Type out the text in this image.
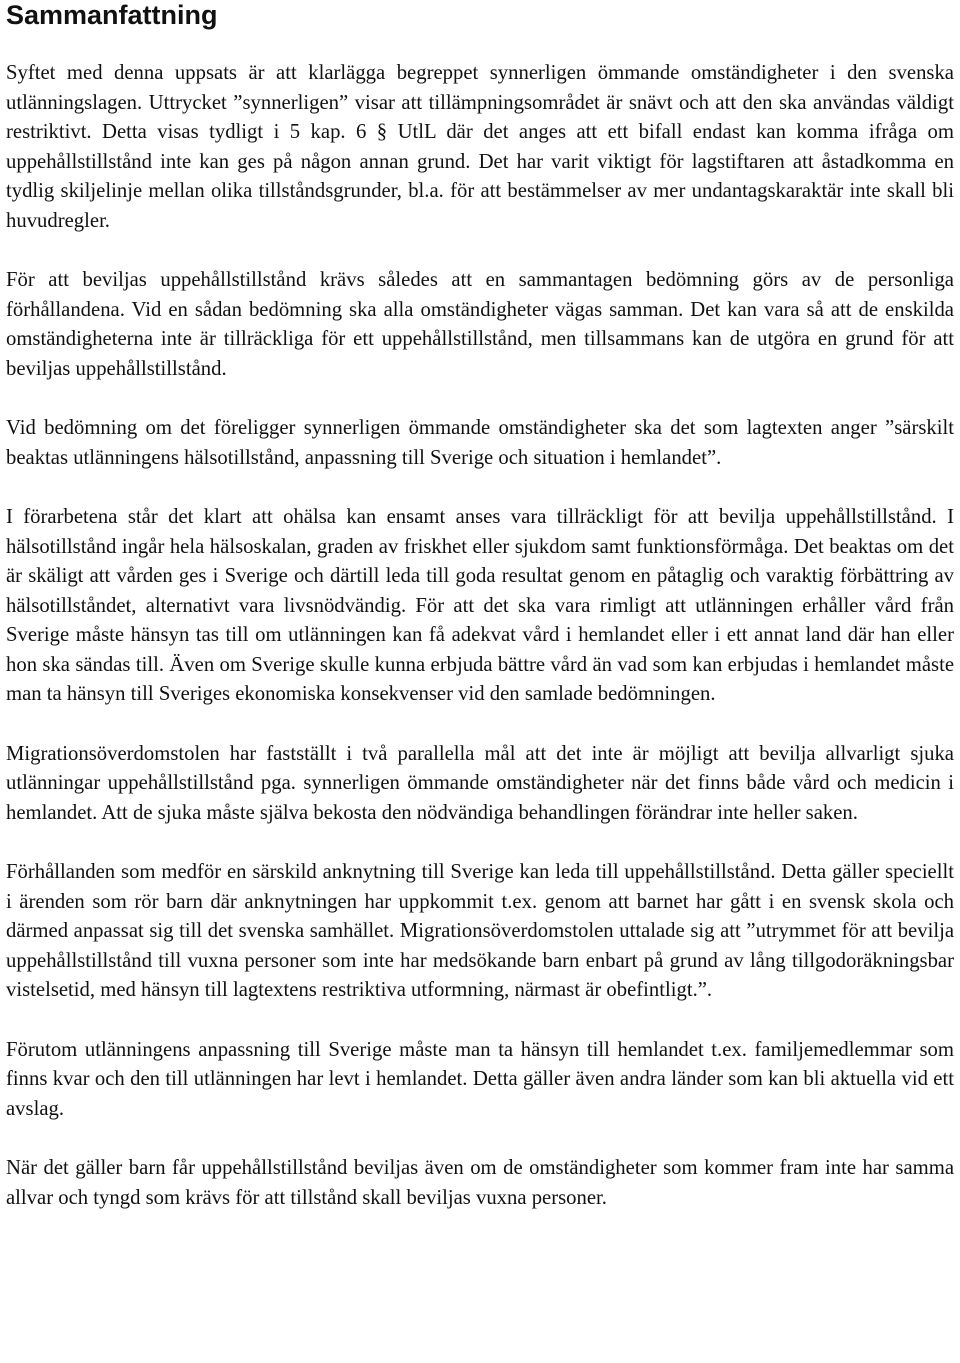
Sammanfattning

Syftet med denna uppsats är att klarlägga begreppet synnerligen ömmande omständigheter i den svenska utlänningslagen. Uttrycket ”synnerligen” visar att tillämpningsområdet är snävt och att den ska användas väldigt restriktivt. Detta visas tydligt i 5 kap. 6 § UtlL där det anges att ett bifall endast kan komma ifråga om uppehållstillstånd inte kan ges på någon annan grund. Det har varit viktigt för lagstiftaren att åstadkomma en tydlig skiljelinje mellan olika tillståndsgrunder, bl.a. för att bestämmelser av mer undantagskaraktär inte skall bli huvudregler.

För att beviljas uppehållstillstånd krävs således att en sammantagen bedömning görs av de personliga förhållandena. Vid en sådan bedömning ska alla omständigheter vägas samman. Det kan vara så att de enskilda omständigheterna inte är tillräckliga för ett uppehållstillstånd, men tillsammans kan de utgöra en grund för att beviljas uppehållstillstånd.

Vid bedömning om det föreligger synnerligen ömmande omständigheter ska det som lagtexten anger ”särskilt beaktas utlänningens hälsotillstånd, anpassning till Sverige och situation i hemlandet”.

I förarbetena står det klart att ohälsa kan ensamt anses vara tillräckligt för att bevilja uppehållstillstånd. I hälsotillstånd ingår hela hälsoskalan, graden av friskhet eller sjukdom samt funktionsförmåga. Det beaktas om det är skäligt att vården ges i Sverige och därtill leda till goda resultat genom en påtaglig och varaktig förbättring av hälsotillståndet, alternativt vara livsnödvändig. För att det ska vara rimligt att utlänningen erhåller vård från Sverige måste hänsyn tas till om utlänningen kan få adekvat vård i hemlandet eller i ett annat land där han eller hon ska sändas till. Även om Sverige skulle kunna erbjuda bättre vård än vad som kan erbjudas i hemlandet måste man ta hänsyn till Sveriges ekonomiska konsekvenser vid den samlade bedömningen.

Migrationsöverdomstolen har fastställt i två parallella mål att det inte är möjligt att bevilja allvarligt sjuka utlänningar uppehållstillstånd pga. synnerligen ömmande omständigheter när det finns både vård och medicin i hemlandet. Att de sjuka måste själva bekosta den nödvändiga behandlingen förändrar inte heller saken.

Förhållanden som medför en särskild anknytning till Sverige kan leda till uppehållstillstånd. Detta gäller speciellt i ärenden som rör barn där anknytningen har uppkommit t.ex. genom att barnet har gått i en svensk skola och därmed anpassat sig till det svenska samhället. Migrationsöverdomstolen uttalade sig att ”utrymmet för att bevilja uppehållstillstånd till vuxna personer som inte har medsökande barn enbart på grund av lång tillgodoräkningsbar vistelsetid, med hänsyn till lagtextens restriktiva utformning, närmast är obefintligt.”.

Förutom utlänningens anpassning till Sverige måste man ta hänsyn till hemlandet t.ex. familjemedlemmar som finns kvar och den till utlänningen har levt i hemlandet. Detta gäller även andra länder som kan bli aktuella vid ett avslag.

När det gäller barn får uppehållstillstånd beviljas även om de omständigheter som kommer fram inte har samma allvar och tyngd som krävs för att tillstånd skall beviljas vuxna personer.
